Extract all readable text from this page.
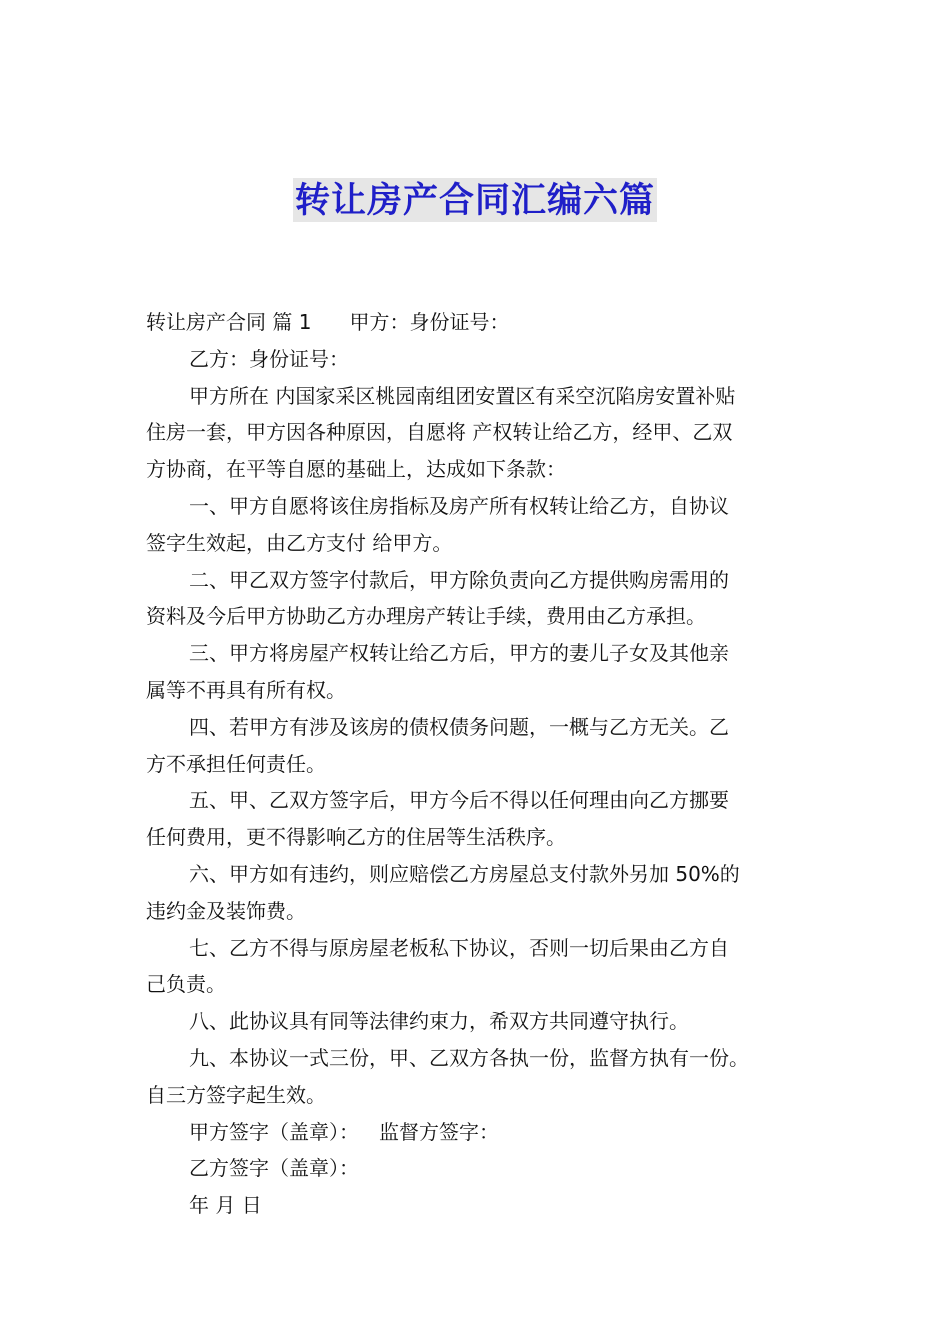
转让房产合同汇编六篇
转让房产合同 篇 1 甲方：身份证号：
乙方：身份证号：
甲方所在 内国家采区桃园南组团安置区有采空沉陷房安置补贴
住房一套，甲方因各种原因，自愿将 产权转让给乙方，经甲、乙双
方协商，在平等自愿的基础上，达成如下条款：
一、甲方自愿将该住房指标及房产所有权转让给乙方，自协议
签字生效起，由乙方支付 给甲方。
二、甲乙双方签字付款后，甲方除负责向乙方提供购房需用的
资料及今后甲方协助乙方办理房产转让手续，费用由乙方承担。
三、甲方将房屋产权转让给乙方后，甲方的妻儿子女及其他亲
属等不再具有所有权。
四、若甲方有涉及该房的债权债务问题，一概与乙方无关。乙
方不承担任何责任。
五、甲、乙双方签字后，甲方今后不得以任何理由向乙方挪要
任何费用，更不得影响乙方的住居等生活秩序。
六、甲方如有违约，则应赔偿乙方房屋总支付款外另加 50%的
违约金及装饰费。
七、乙方不得与原房屋老板私下协议，否则一切后果由乙方自
己负责。
八、此协议具有同等法律约束力，希双方共同遵守执行。
九、本协议一式三份，甲、乙双方各执一份，监督方执有一份。
自三方签字起生效。
甲方签字（盖章）： 监督方签字：
乙方签字（盖章）：
年 月 日
